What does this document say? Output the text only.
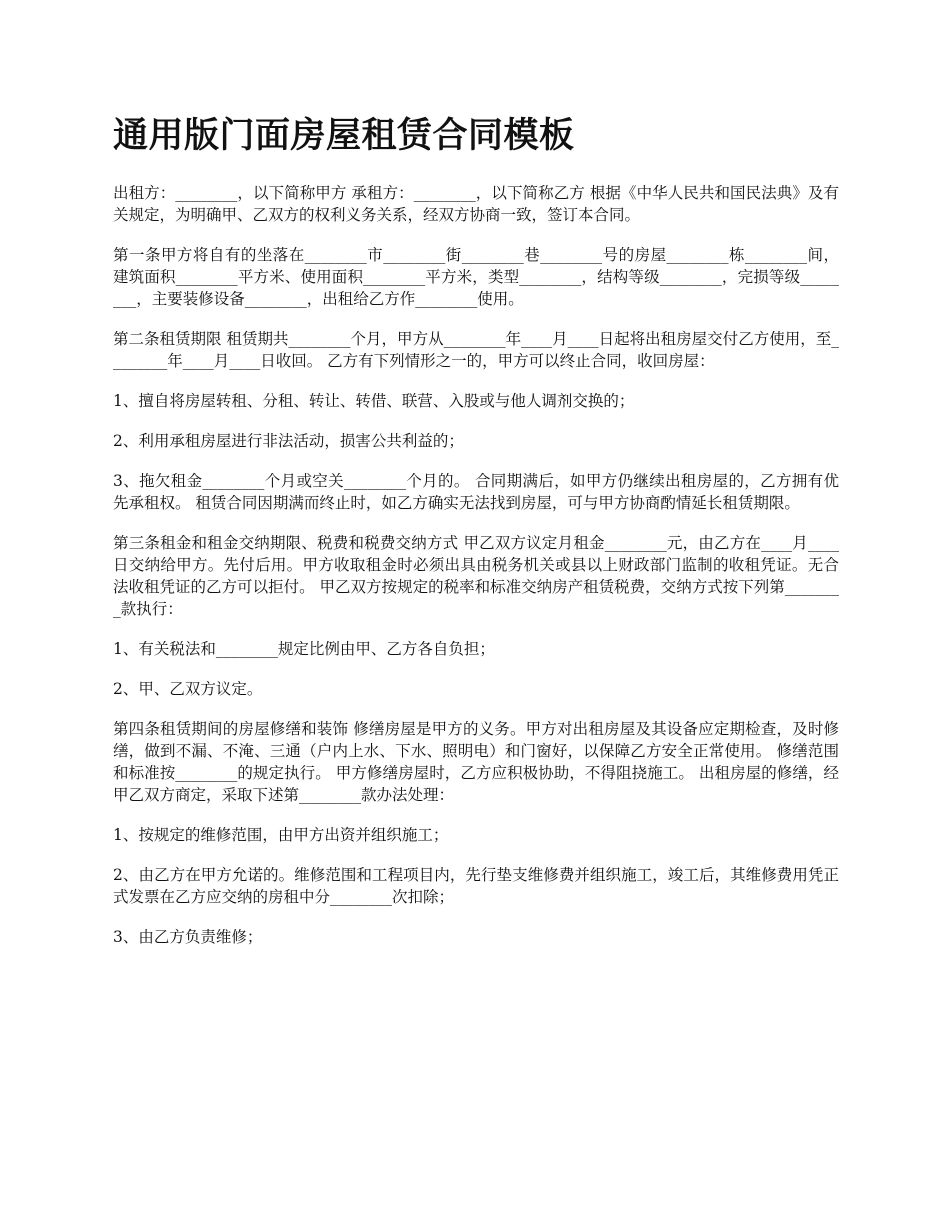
通用版门面房屋租赁合同模板

出租方：________，以下简称甲方 承租方：________，以下简称乙方 根据《中华人民共和国民法典》及有关规定，为明确甲、乙双方的权利义务关系，经双方协商一致，签订本合同。

第一条甲方将自有的坐落在________市________街________巷________号的房屋________栋________间，建筑面积________平方米、使用面积________平方米，类型________，结构等级________，完损等级________，主要装修设备________，出租给乙方作________使用。

第二条租赁期限 租赁期共________个月，甲方从________年____月____日起将出租房屋交付乙方使用，至________年____月____日收回。 乙方有下列情形之一的，甲方可以终止合同，收回房屋：

1、擅自将房屋转租、分租、转让、转借、联营、入股或与他人调剂交换的；

2、利用承租房屋进行非法活动，损害公共利益的；

3、拖欠租金________个月或空关________个月的。 合同期满后，如甲方仍继续出租房屋的，乙方拥有优先承租权。 租赁合同因期满而终止时，如乙方确实无法找到房屋，可与甲方协商酌情延长租赁期限。

第三条租金和租金交纳期限、税费和税费交纳方式 甲乙双方议定月租金________元，由乙方在____月____日交纳给甲方。先付后用。甲方收取租金时必须出具由税务机关或县以上财政部门监制的收租凭证。无合法收租凭证的乙方可以拒付。 甲乙双方按规定的税率和标准交纳房产租赁税费，交纳方式按下列第________款执行：

1、有关税法和________规定比例由甲、乙方各自负担；

2、甲、乙双方议定。

第四条租赁期间的房屋修缮和装饰 修缮房屋是甲方的义务。甲方对出租房屋及其设备应定期检查，及时修缮，做到不漏、不淹、三通（户内上水、下水、照明电）和门窗好，以保障乙方安全正常使用。 修缮范围和标准按________的规定执行。 甲方修缮房屋时，乙方应积极协助，不得阻挠施工。 出租房屋的修缮，经甲乙双方商定，采取下述第________款办法处理：

1、按规定的维修范围，由甲方出资并组织施工；

2、由乙方在甲方允诺的。维修范围和工程项目内，先行垫支维修费并组织施工，竣工后，其维修费用凭正式发票在乙方应交纳的房租中分________次扣除；

3、由乙方负责维修；
